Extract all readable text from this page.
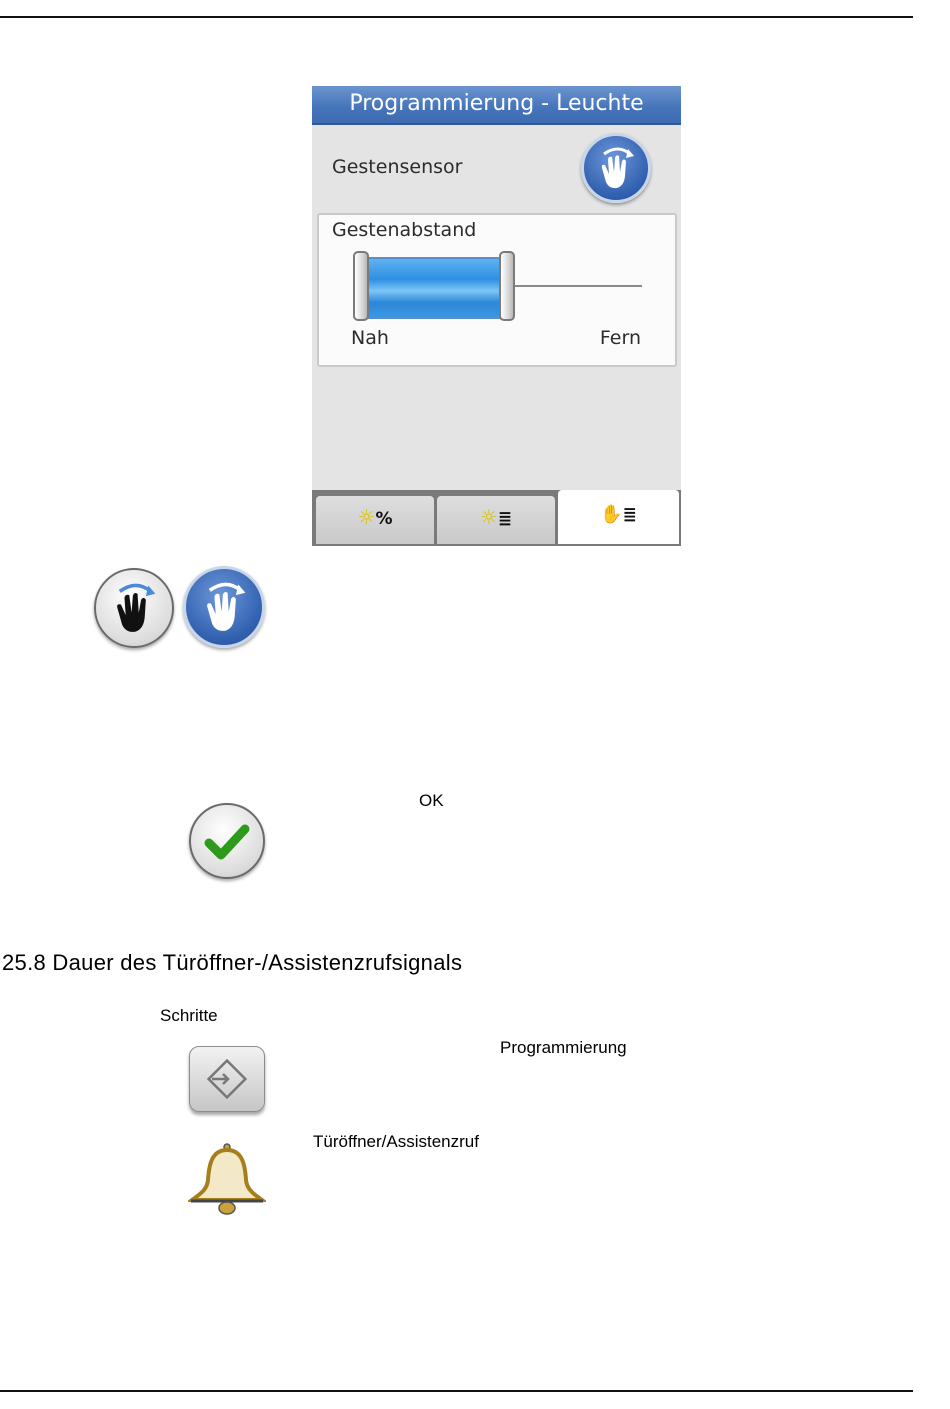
Programmierung - Leuchte
Gestensensor
Gestenabstand
Nah	Fern
☼%	☼≣	✋≣
OK
25.8 Dauer des Türöffner-/Assistenzrufsignals
Schritte
Programmierung
Türöffner/Assistenzruf
